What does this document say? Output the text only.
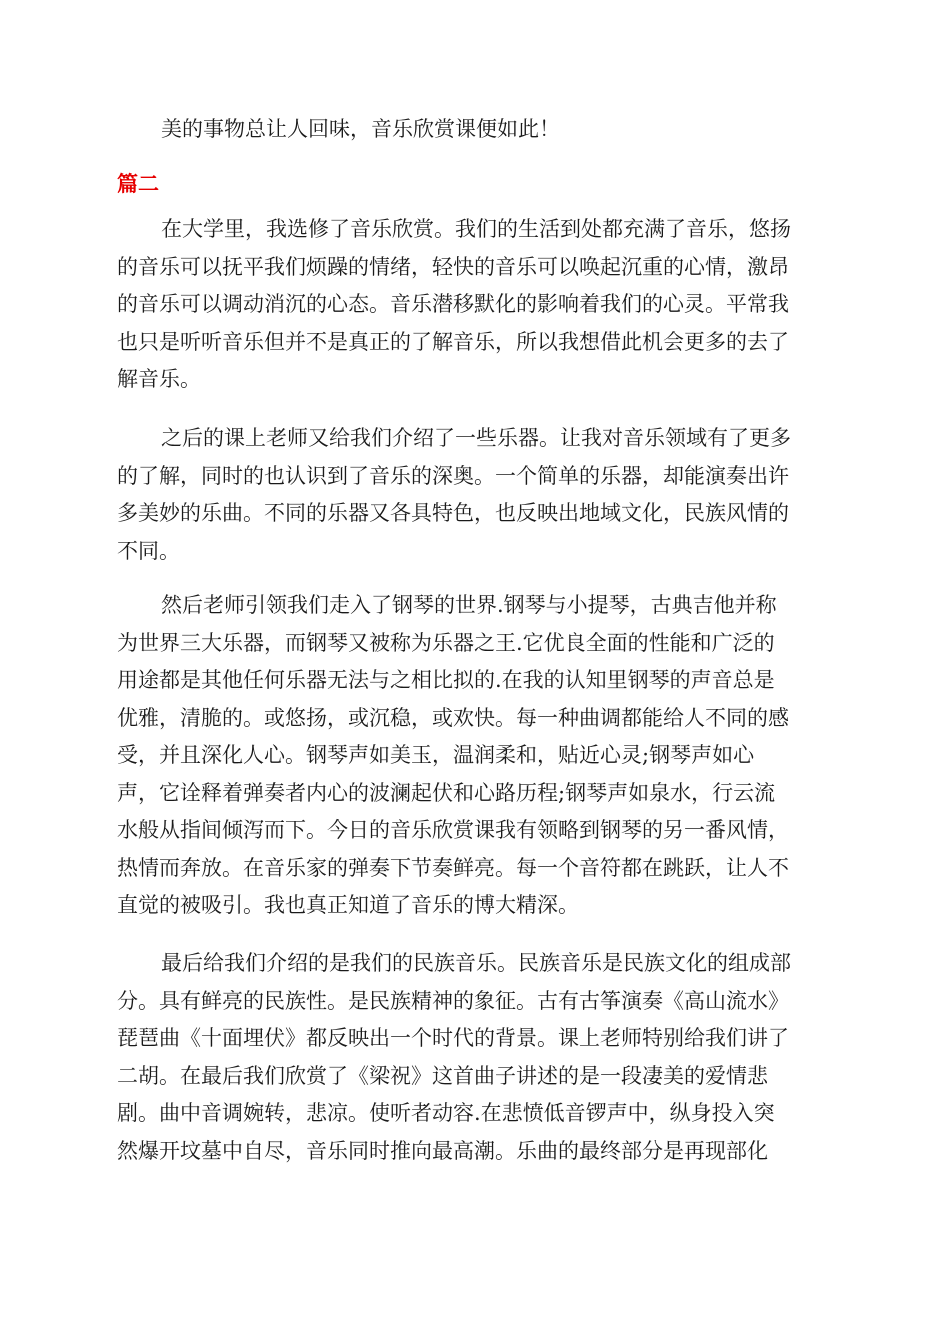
美的事物总让人回味，音乐欣赏课便如此！
篇二
在大学里，我选修了音乐欣赏。我们的生活到处都充满了音乐，悠扬
的音乐可以抚平我们烦躁的情绪，轻快的音乐可以唤起沉重的心情，激昂
的音乐可以调动消沉的心态。音乐潜移默化的影响着我们的心灵。平常我
也只是听听音乐但并不是真正的了解音乐，所以我想借此机会更多的去了
解音乐。
之后的课上老师又给我们介绍了一些乐器。让我对音乐领域有了更多
的了解，同时的也认识到了音乐的深奥。一个简单的乐器，却能演奏出许
多美妙的乐曲。不同的乐器又各具特色，也反映出地域文化，民族风情的
不同。
然后老师引领我们走入了钢琴的世界.钢琴与小提琴，古典吉他并称
为世界三大乐器，而钢琴又被称为乐器之王.它优良全面的性能和广泛的
用途都是其他任何乐器无法与之相比拟的.在我的认知里钢琴的声音总是
优雅，清脆的。或悠扬，或沉稳，或欢快。每一种曲调都能给人不同的感
受，并且深化人心。钢琴声如美玉，温润柔和，贴近心灵;钢琴声如心
声，它诠释着弹奏者内心的波澜起伏和心路历程;钢琴声如泉水，行云流
水般从指间倾泻而下。今日的音乐欣赏课我有领略到钢琴的另一番风情，
热情而奔放。在音乐家的弹奏下节奏鲜亮。每一个音符都在跳跃，让人不
直觉的被吸引。我也真正知道了音乐的博大精深。
最后给我们介绍的是我们的民族音乐。民族音乐是民族文化的组成部
分。具有鲜亮的民族性。是民族精神的象征。古有古筝演奏《高山流水》
琵琶曲《十面埋伏》都反映出一个时代的背景。课上老师特别给我们讲了
二胡。在最后我们欣赏了《梁祝》这首曲子讲述的是一段凄美的爱情悲
剧。曲中音调婉转，悲凉。使听者动容.在悲愤低音锣声中，纵身投入突
然爆开坟墓中自尽，音乐同时推向最高潮。乐曲的最终部分是再现部化
